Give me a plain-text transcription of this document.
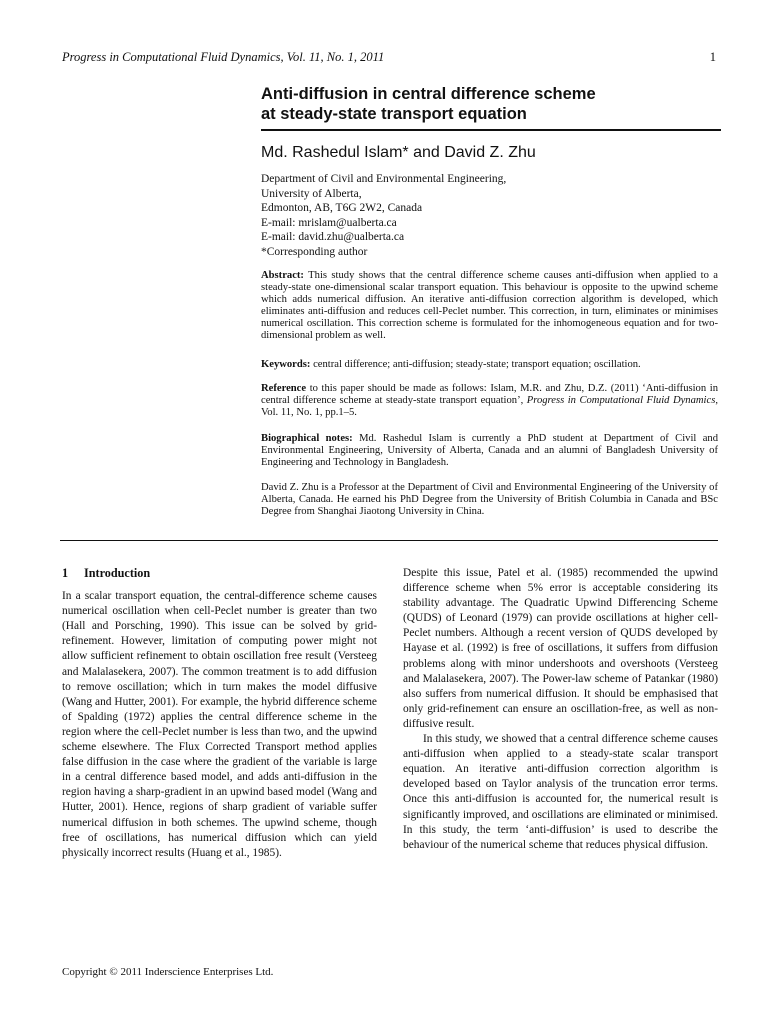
Progress in Computational Fluid Dynamics, Vol. 11, No. 1, 2011	1
Anti-diffusion in central difference scheme
at steady-state transport equation
Md. Rashedul Islam* and David Z. Zhu
Department of Civil and Environmental Engineering,
University of Alberta,
Edmonton, AB, T6G 2W2, Canada
E-mail: mrislam@ualberta.ca
E-mail: david.zhu@ualberta.ca
*Corresponding author
Abstract: This study shows that the central difference scheme causes anti-diffusion when applied to a steady-state one-dimensional scalar transport equation. This behaviour is opposite to the upwind scheme which adds numerical diffusion. An iterative anti-diffusion correction algorithm is developed, which eliminates anti-diffusion and reduces cell-Peclet number. This correction, in turn, eliminates or minimises numerical oscillation. This correction scheme is formulated for the inhomogeneous equation and for two-dimensional problem as well.
Keywords: central difference; anti-diffusion; steady-state; transport equation; oscillation.
Reference to this paper should be made as follows: Islam, M.R. and Zhu, D.Z. (2011) ‘Anti-diffusion in central difference scheme at steady-state transport equation’, Progress in Computational Fluid Dynamics, Vol. 11, No. 1, pp.1–5.
Biographical notes: Md. Rashedul Islam is currently a PhD student at Department of Civil and Environmental Engineering, University of Alberta, Canada and an alumni of Bangladesh University of Engineering and Technology in Bangladesh.
David Z. Zhu is a Professor at the Department of Civil and Environmental Engineering of the University of Alberta, Canada. He earned his PhD Degree from the University of British Columbia in Canada and BSc Degree from Shanghai Jiaotong University in China.
1 Introduction

In a scalar transport equation, the central-difference scheme causes numerical oscillation when cell-Peclet number is greater than two (Hall and Porsching, 1990). This issue can be solved by grid-refinement. However, limitation of computing power might not allow sufficient refinement to obtain oscillation free result (Versteeg and Malalasekera, 2007). The common treatment is to add diffusion to remove oscillation; which in turn makes the model diffusive (Wang and Hutter, 2001). For example, the hybrid difference scheme of Spalding (1972) applies the central difference scheme in the region where the cell-Peclet number is less than two, and the upwind scheme elsewhere. The Flux Corrected Transport method applies false diffusion in the case where the gradient of the variable is large in a central difference based model, and adds anti-diffusion in the region having a sharp-gradient in an upwind based model (Wang and Hutter, 2001). Hence, regions of sharp gradient of variable suffer numerical diffusion in both schemes. The upwind scheme, though free of oscillations, has numerical diffusion which can yield physically incorrect results (Huang et al., 1985).

Despite this issue, Patel et al. (1985) recommended the upwind difference scheme when 5% error is acceptable considering its stability advantage. The Quadratic Upwind Differencing Scheme (QUDS) of Leonard (1979) can provide oscillations at higher cell-Peclet numbers. Although a recent version of QUDS developed by Hayase et al. (1992) is free of oscillations, it suffers from diffusion problems along with minor undershoots and overshoots (Versteeg and Malalasekera, 2007). The Power-law scheme of Patankar (1980) also suffers from numerical diffusion. It should be emphasised that only grid-refinement can ensure an oscillation-free, as well as non-diffusive result.

In this study, we showed that a central difference scheme causes anti-diffusion when applied to a steady-state scalar transport equation. An iterative anti-diffusion correction algorithm is developed based on Taylor analysis of the truncation error terms. Once this anti-diffusion is accounted for, the numerical result is significantly improved, and oscillations are eliminated or minimised. In this study, the term ‘anti-diffusion’ is used to describe the behaviour of the numerical scheme that reduces physical diffusion.

Copyright © 2011 Inderscience Enterprises Ltd.
